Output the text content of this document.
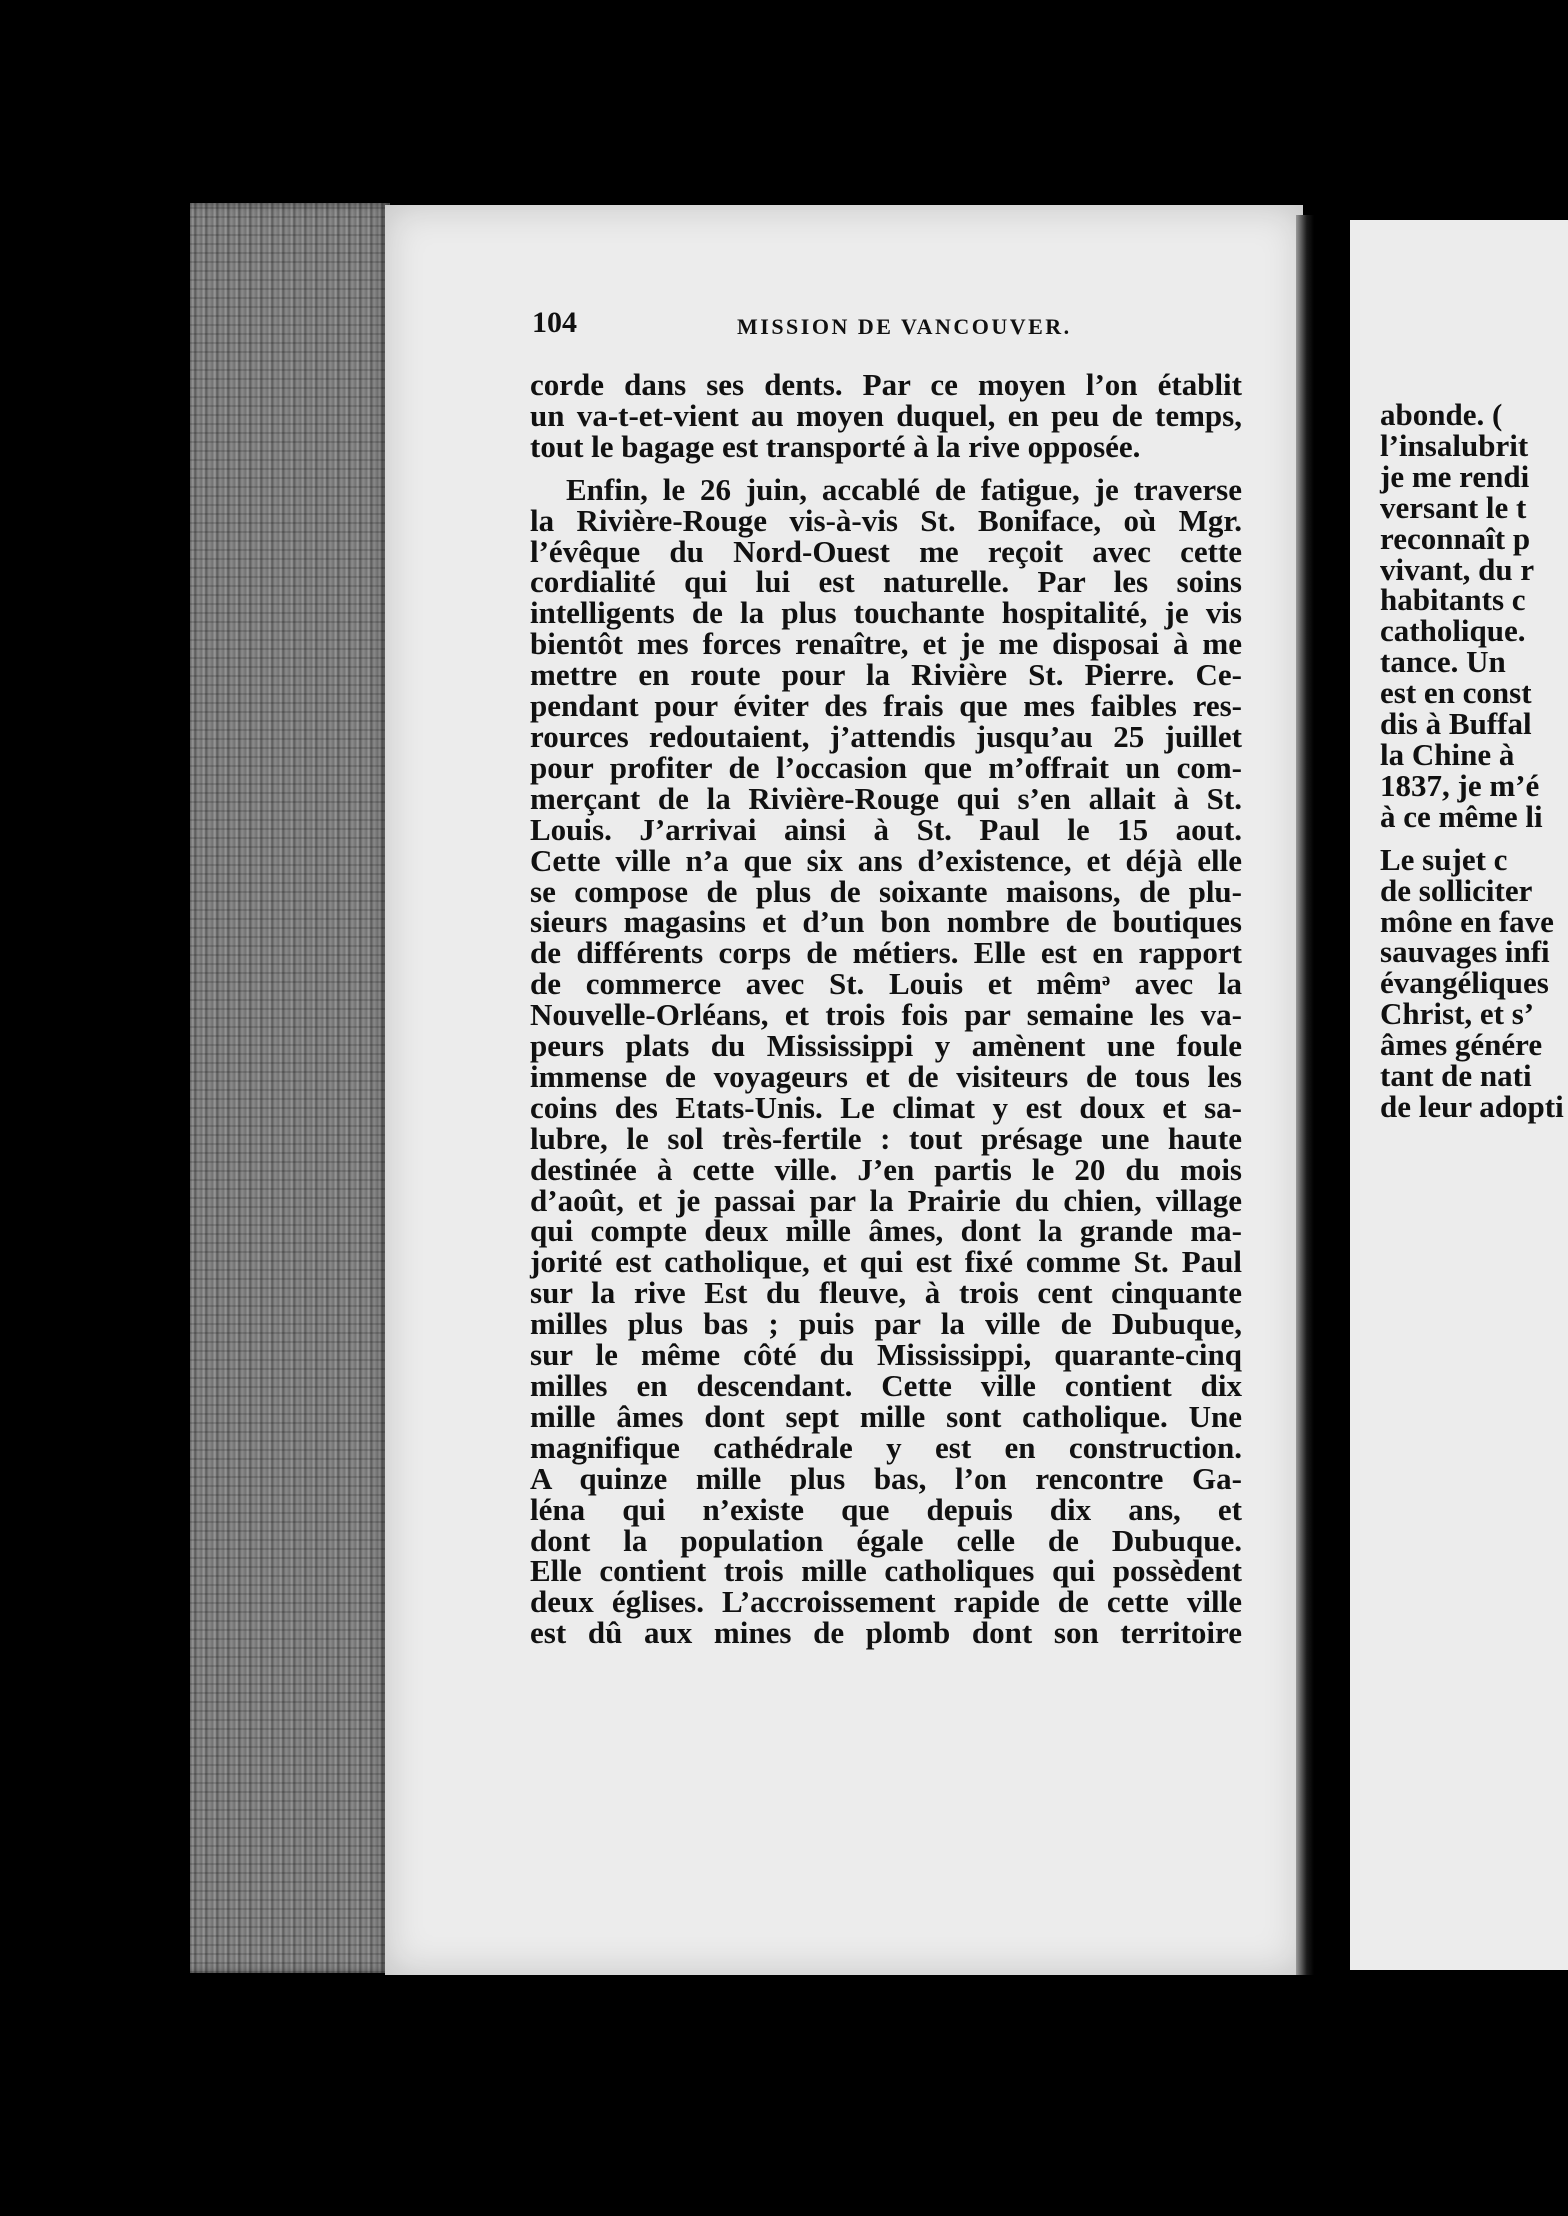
104	MISSION DE VANCOUVER.
corde dans ses dents. Par ce moyen l’on établit
un va-t-et-vient au moyen duquel, en peu de temps,
tout le bagage est transporté à la rive opposée.
Enfin, le 26 juin, accablé de fatigue, je traverse
la Rivière-Rouge vis-à-vis St. Boniface, où Mgr.
l’évêque du Nord-Ouest me reçoit avec cette
cordialité qui lui est naturelle. Par les soins
intelligents de la plus touchante hospitalité, je vis
bientôt mes forces renaître, et je me disposai à me
mettre en route pour la Rivière St. Pierre. Ce-
pendant pour éviter des frais que mes faibles res-
rources redoutaient, j’attendis jusqu’au 25 juillet
pour profiter de l’occasion que m’offrait un com-
merçant de la Rivière-Rouge qui s’en allait à St.
Louis. J’arrivai ainsi à St. Paul le 15 aout.
Cette ville n’a que six ans d’existence, et déjà elle
se compose de plus de soixante maisons, de plu-
sieurs magasins et d’un bon nombre de boutiques
de différents corps de métiers. Elle est en rapport
de commerce avec St. Louis et mêmᵊ avec la
Nouvelle-Orléans, et trois fois par semaine les va-
peurs plats du Mississippi y amènent une foule
immense de voyageurs et de visiteurs de tous les
coins des Etats-Unis. Le climat y est doux et sa-
lubre, le sol très-fertile : tout présage une haute
destinée à cette ville. J’en partis le 20 du mois
d’août, et je passai par la Prairie du chien, village
qui compte deux mille âmes, dont la grande ma-
jorité est catholique, et qui est fixé comme St. Paul
sur la rive Est du fleuve, à trois cent cinquante
milles plus bas ; puis par la ville de Dubuque,
sur le même côté du Mississippi, quarante-cinq
milles en descendant. Cette ville contient dix
mille âmes dont sept mille sont catholique. Une
magnifique cathédrale y est en construction.
A quinze mille plus bas, l’on rencontre Ga-
léna qui n’existe que depuis dix ans, et
dont la population égale celle de Dubuque.
Elle contient trois mille catholiques qui possèdent
deux églises. L’accroissement rapide de cette ville
est dû aux mines de plomb dont son territoire
abonde. (
l’insalubrit
je me rendi
versant le t
reconnaît p
vivant, du r
habitants c
catholique.
tance. Un
est en const
dis à Buffal
la Chine à
1837, je m’é
à ce même li
Le sujet c
de solliciter
mône en fave
sauvages infi
évangéliques
Christ, et s’
âmes génére
tant de nati
de leur adopti
